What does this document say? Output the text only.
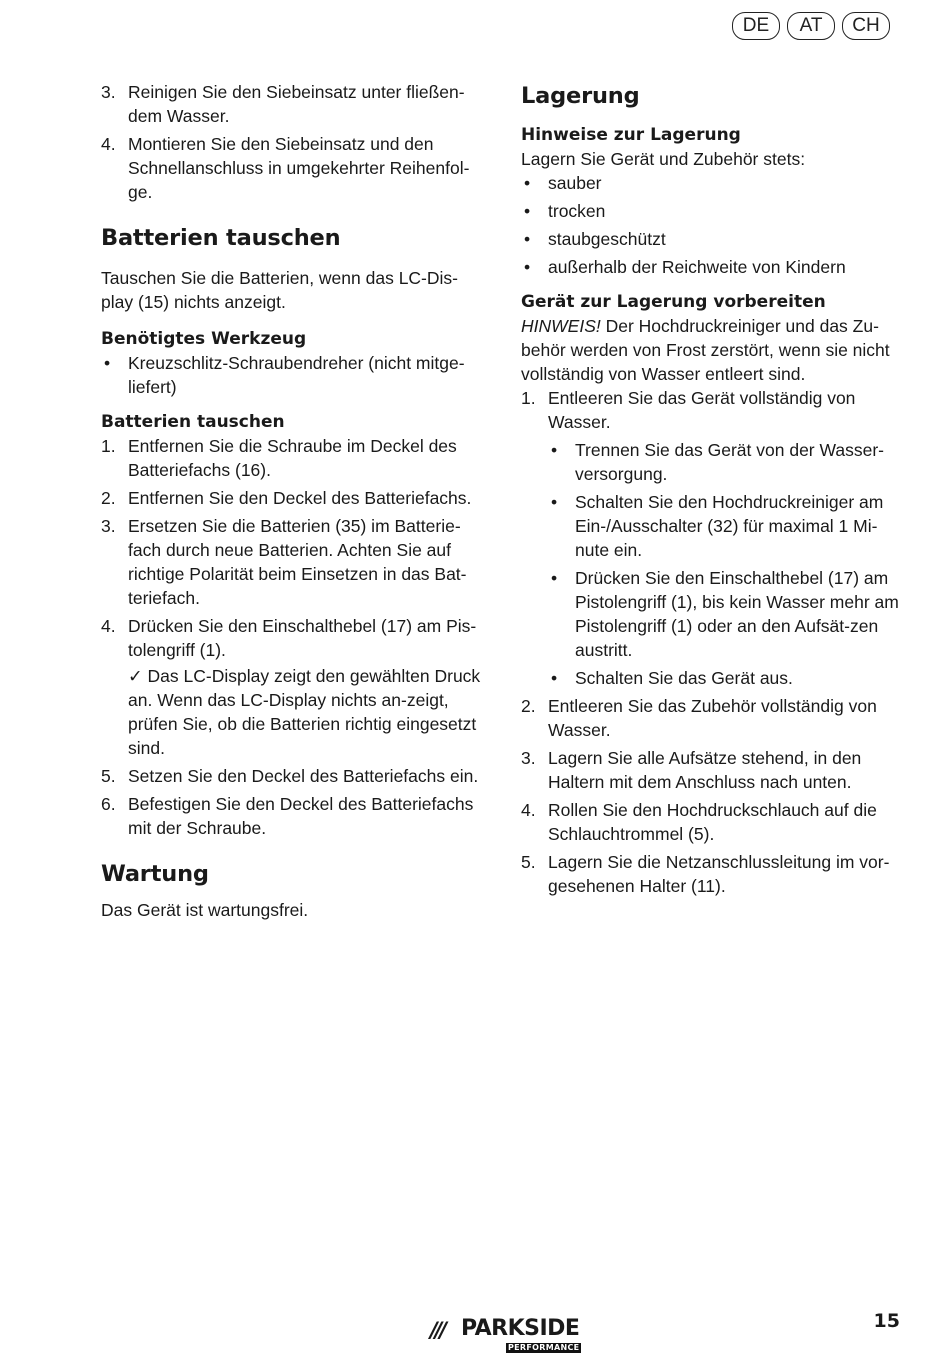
DE	AT	CH
3. Reinigen Sie den Siebeinsatz unter fließen-dem Wasser.
4. Montieren Sie den Siebeinsatz und den Schnellanschluss in umgekehrter Reihenfol-ge.
Batterien tauschen

Tauschen Sie die Batterien, wenn das LC-Dis-play (15) nichts anzeigt.

Benötigtes Werkzeug
• Kreuzschlitz-Schraubendreher (nicht mitge-liefert)
Batterien tauschen
1. Entfernen Sie die Schraube im Deckel des Batteriefachs (16).
2. Entfernen Sie den Deckel des Batteriefachs.
3. Ersetzen Sie die Batterien (35) im Batterie-fach durch neue Batterien. Achten Sie auf richtige Polarität beim Einsetzen in das Bat-teriefach.
4. Drücken Sie den Einschalthebel (17) am Pis-tolengriff (1).
✓ Das LC-Display zeigt den gewählten Druck an. Wenn das LC-Display nichts an-zeigt, prüfen Sie, ob die Batterien richtig eingesetzt sind.
5. Setzen Sie den Deckel des Batteriefachs ein.
6. Befestigen Sie den Deckel des Batteriefachs mit der Schraube.
Wartung

Das Gerät ist wartungsfrei.

Lagerung
Hinweise zur Lagerung

Lagern Sie Gerät und Zubehör stets:

• sauber
• trocken
• staubgeschützt
• außerhalb der Reichweite von Kindern
Gerät zur Lagerung vorbereiten

HINWEIS! Der Hochdruckreiniger und das Zu-behör werden von Frost zerstört, wenn sie nicht vollständig von Wasser entleert sind.

1. Entleeren Sie das Gerät vollständig von Wasser.
• Trennen Sie das Gerät von der Wasser-versorgung.
• Schalten Sie den Hochdruckreiniger am Ein-/Ausschalter (32) für maximal 1 Mi-nute ein.
• Drücken Sie den Einschalthebel (17) am Pistolengriff (1), bis kein Wasser mehr am Pistolengriff (1) oder an den Aufsät-zen austritt.
• Schalten Sie das Gerät aus.
2. Entleeren Sie das Zubehör vollständig von Wasser.
3. Lagern Sie alle Aufsätze stehend, in den Haltern mit dem Anschluss nach unten.
4. Rollen Sie den Hochdruckschlauch auf die Schlauchtrommel (5).
5. Lagern Sie die Netzanschlussleitung im vor-gesehenen Halter (11).
/// PARKSIDE
PERFORMANCE
15
